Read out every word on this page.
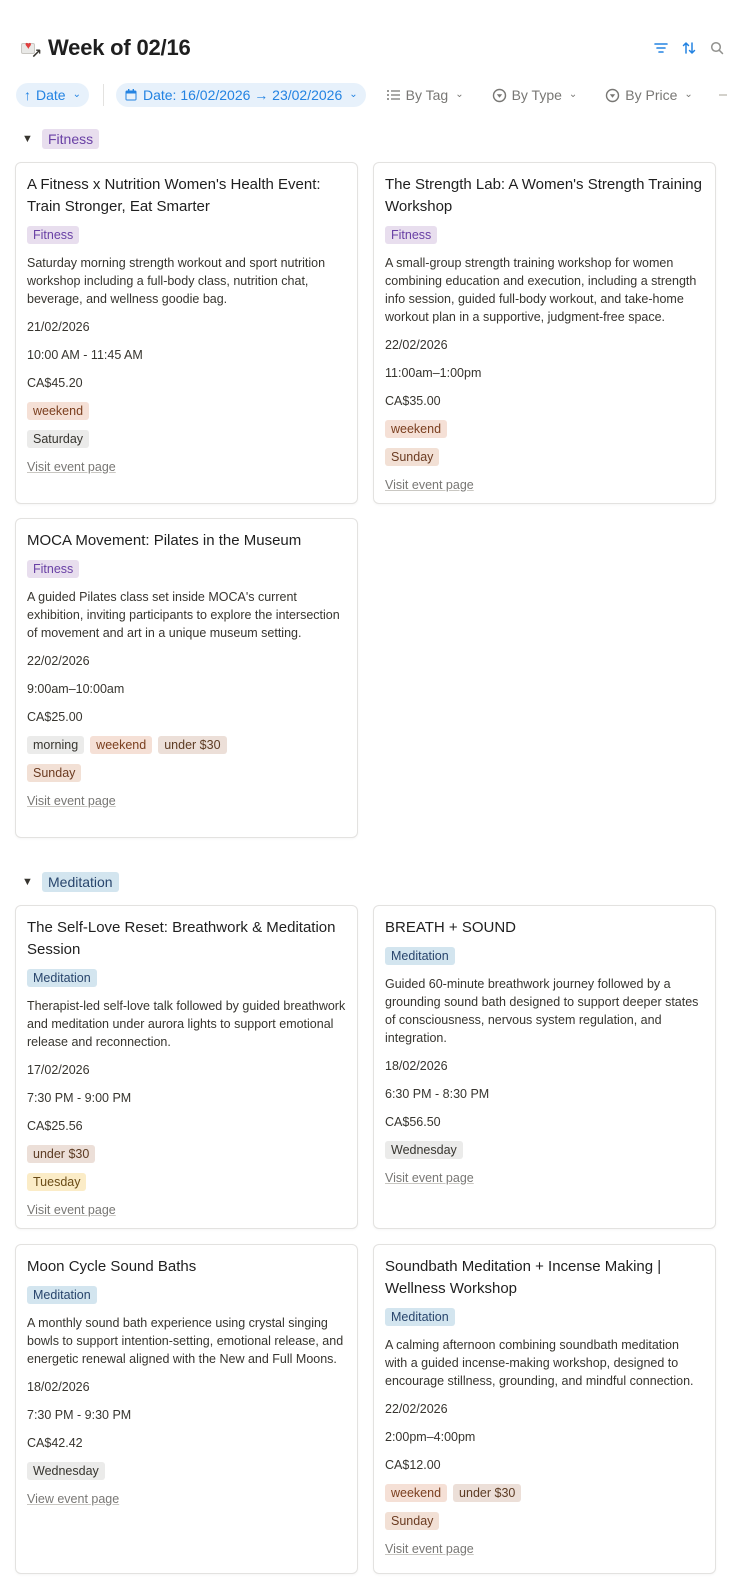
♥ ↗ Week of 02/16
↑ Date ⌄	Date: 16/02/2026 → 23/02/2026 ⌄	By Tag ⌄	By Type ⌄	By Price ⌄
▼	Fitness
A Fitness x Nutrition Women's Health Event: Train Stronger, Eat Smarter
Fitness
Saturday morning strength workout and sport nutrition workshop including a full-body class, nutrition chat, beverage, and wellness goodie bag.
21/02/2026
10:00 AM - 11:45 AM
CA$45.20
weekend
Saturday
Visit event page
The Strength Lab: A Women's Strength Training Workshop
Fitness
A small-group strength training workshop for women combining education and execution, including a strength info session, guided full-body workout, and take-home workout plan in a supportive, judgment-free space.
22/02/2026
11:00am–1:00pm
CA$35.00
weekend
Sunday
Visit event page
MOCA Movement: Pilates in the Museum
Fitness
A guided Pilates class set inside MOCA's current exhibition, inviting participants to explore the intersection of movement and art in a unique museum setting.
22/02/2026
9:00am–10:00am
CA$25.00
morning	weekend	under $30
Sunday
Visit event page
▼	Meditation
The Self-Love Reset: Breathwork & Meditation Session
Meditation
Therapist-led self-love talk followed by guided breathwork and meditation under aurora lights to support emotional release and reconnection.
17/02/2026
7:30 PM - 9:00 PM
CA$25.56
under $30
Tuesday
Visit event page
BREATH + SOUND
Meditation
Guided 60-minute breathwork journey followed by a grounding sound bath designed to support deeper states of consciousness, nervous system regulation, and integration.
18/02/2026
6:30 PM - 8:30 PM
CA$56.50
Wednesday
Visit event page
Moon Cycle Sound Baths
Meditation
A monthly sound bath experience using crystal singing bowls to support intention-setting, emotional release, and energetic renewal aligned with the New and Full Moons.
18/02/2026
7:30 PM - 9:30 PM
CA$42.42
Wednesday
View event page
Soundbath Meditation + Incense Making | Wellness Workshop
Meditation
A calming afternoon combining soundbath meditation with a guided incense-making workshop, designed to encourage stillness, grounding, and mindful connection.
22/02/2026
2:00pm–4:00pm
CA$12.00
weekend	under $30
Sunday
Visit event page
